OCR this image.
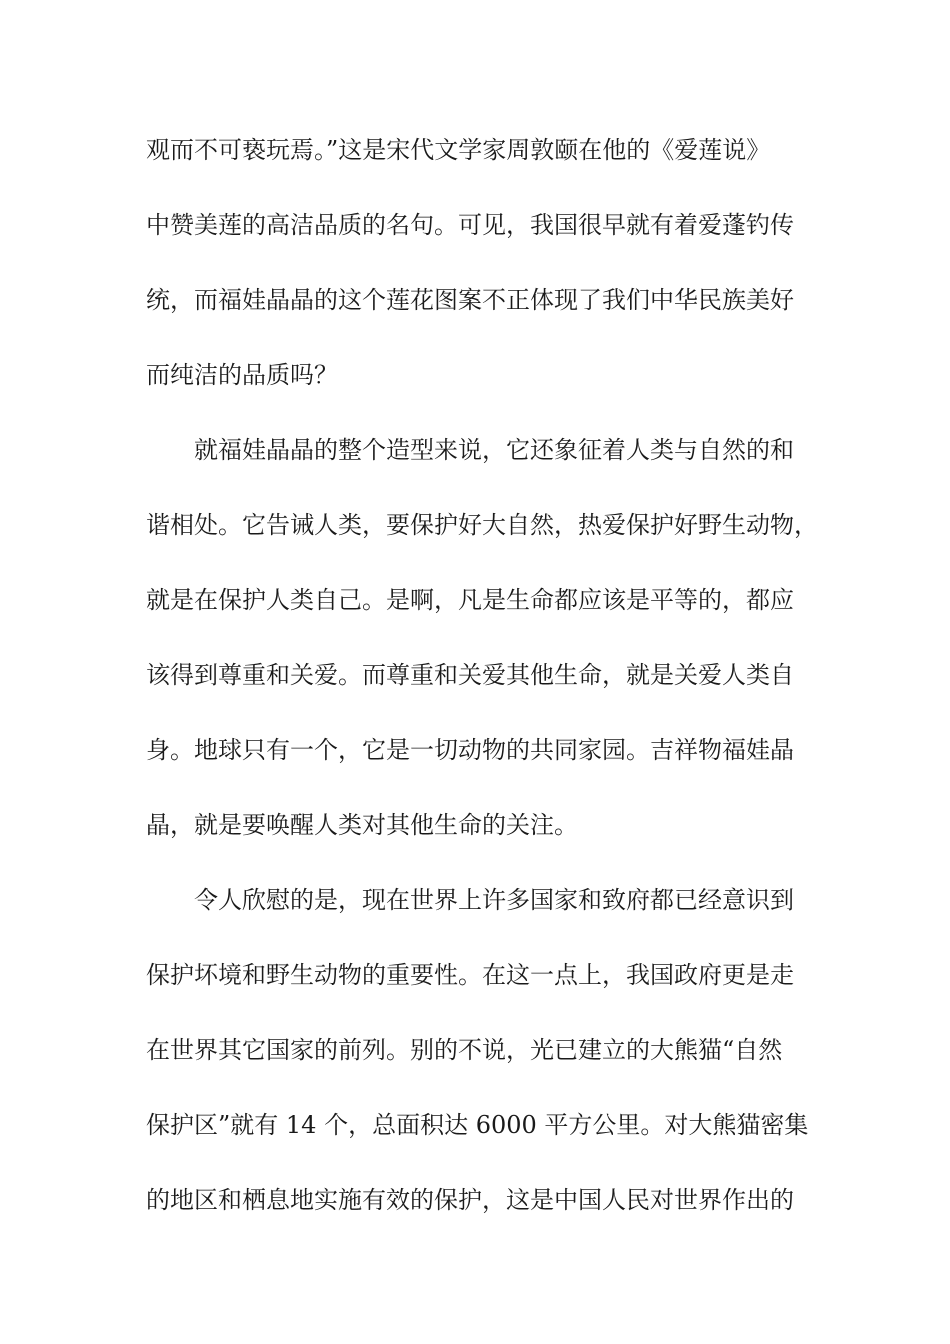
观而不可亵玩焉。”这是宋代文学家周敦颐在他的《爱莲说》
中赞美莲的高洁品质的名句。可见，我国很早就有着爱蓬钓传
统，而福娃晶晶的这个莲花图案不正体现了我们中华民族美好
而纯洁的品质吗？
就福娃晶晶的整个造型来说，它还象征着人类与自然的和
谐相处。它告诫人类，要保护好大自然，热爱保护好野生动物，
就是在保护人类自己。是啊，凡是生命都应该是平等的，都应
该得到尊重和关爱。而尊重和关爱其他生命，就是关爱人类自
身。地球只有一个，它是一切动物的共同家园。吉祥物福娃晶
晶，就是要唤醒人类对其他生命的关注。
令人欣慰的是，现在世界上许多国家和致府都已经意识到
保护坏境和野生动物的重要性。在这一点上，我国政府更是走
在世界其它国家的前列。别的不说，光已建立的大熊猫“自然
保护区”就有 14 个，总面积达 6000 平方公里。对大熊猫密集
的地区和栖息地实施有效的保护，这是中国人民对世界作出的
